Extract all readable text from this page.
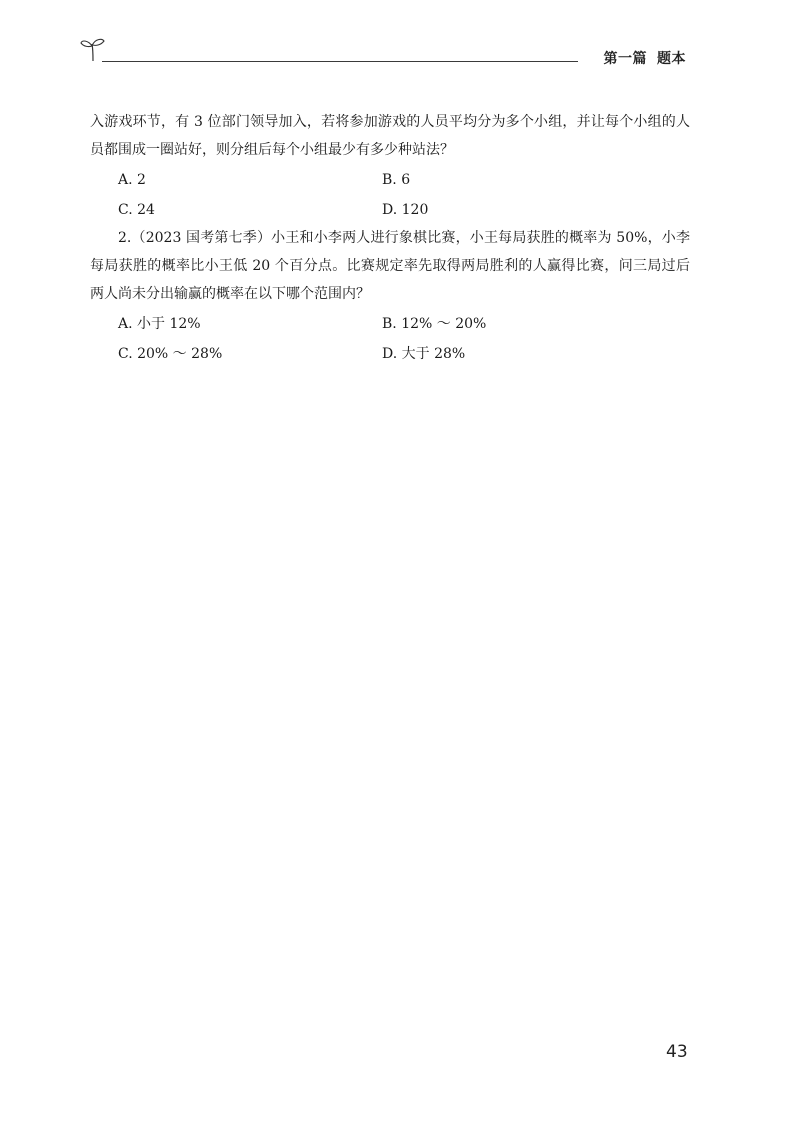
第一篇 题本

入游戏环节，有 3 位部门领导加入，若将参加游戏的人员平均分为多个小组，并让每个小组的人员都围成一圈站好，则分组后每个小组最少有多少种站法？

A. 2	B. 6
C. 24	D. 120

2.（2023 国考第七季）小王和小李两人进行象棋比赛，小王每局获胜的概率为 50%，小李每局获胜的概率比小王低 20 个百分点。比赛规定率先取得两局胜利的人赢得比赛，问三局过后两人尚未分出输赢的概率在以下哪个范围内？

A. 小于 12%	B. 12% ～ 20%
C. 20% ～ 28%	D. 大于 28%
43
